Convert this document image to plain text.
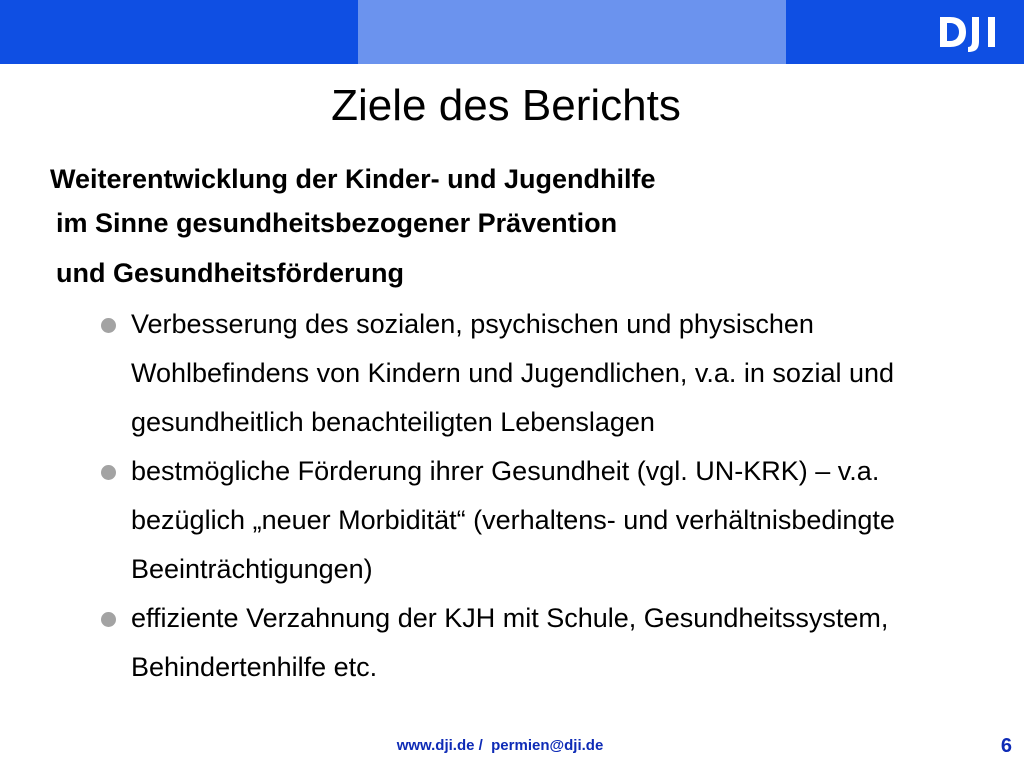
Ziele des Berichts
Weiterentwicklung der Kinder- und Jugendhilfe
im Sinne gesundheitsbezogener Prävention
und Gesundheitsförderung
Verbesserung des sozialen, psychischen und physischen Wohlbefindens von Kindern und Jugendlichen, v.a. in sozial und gesundheitlich benachteiligten Lebenslagen
bestmögliche Förderung ihrer Gesundheit (vgl. UN-KRK) – v.a. bezüglich „neuer Morbidität“ (verhaltens- und verhältnisbedingte Beeinträchtigungen)
effiziente Verzahnung der KJH mit Schule, Gesundheitssystem, Behindertenhilfe etc.
www.dji.de /  permien@dji.de	6
